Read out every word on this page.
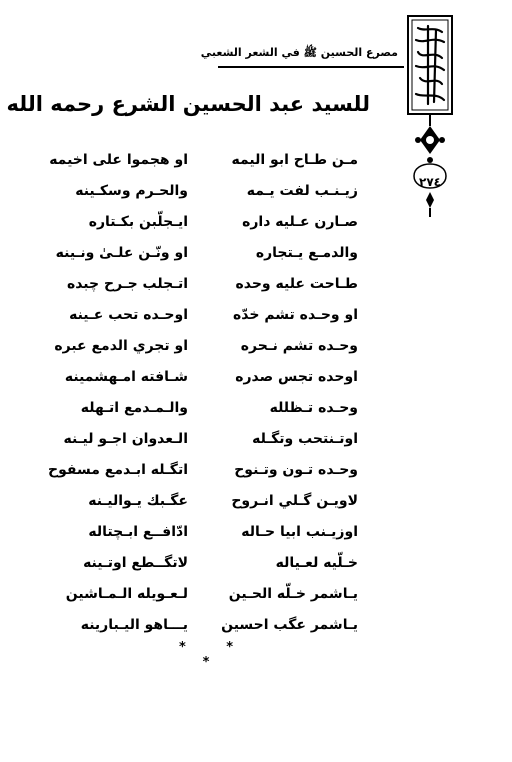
مصرع الحسين ﷺ في الشعر الشعبي
٢٧٤
للسيد عبد الحسين الشرع رحمه الله
مـن طـاح ابو اليمه
زيـنـب لفت يـمه
صـارن عـليه داره
والدمـع يـتجاره
طـاحت عليه وحده
او وحـده تشم خدّه
وحـده تشم نـحره
اوحده تجس صدره
وحـده تـظلله
اوتـنتحب وتگـله
وحـده تـون وتـنوح
لاويـن گـلي انـروح
اوزيـنب ابيا حـاله
خـلّيه لعـياله
يـاشمر خـلّه الحـين
يـاشمر عگب احسين
او هجموا على اخيمه
والحـرم وسكـينه
ايـجلّبن بكـتاره
او ونّـن علـىٰ ونـينه
اتـجلب جـرح چبده
اوحـده تحب عـينه
او تجري الدمع عبره
شـافته امـهشمينه
والـمـدمع اتـهله
الـعدوان اجـو ليـنه
اتگـله ابـدمع مسفوح
عگـبك يـواليـنه
ادّافــع ابـچتاله
لاتگــطع اوتـينه
لـعـويله الـمـاشين
يـــاهو اليـبارينه
* * *
